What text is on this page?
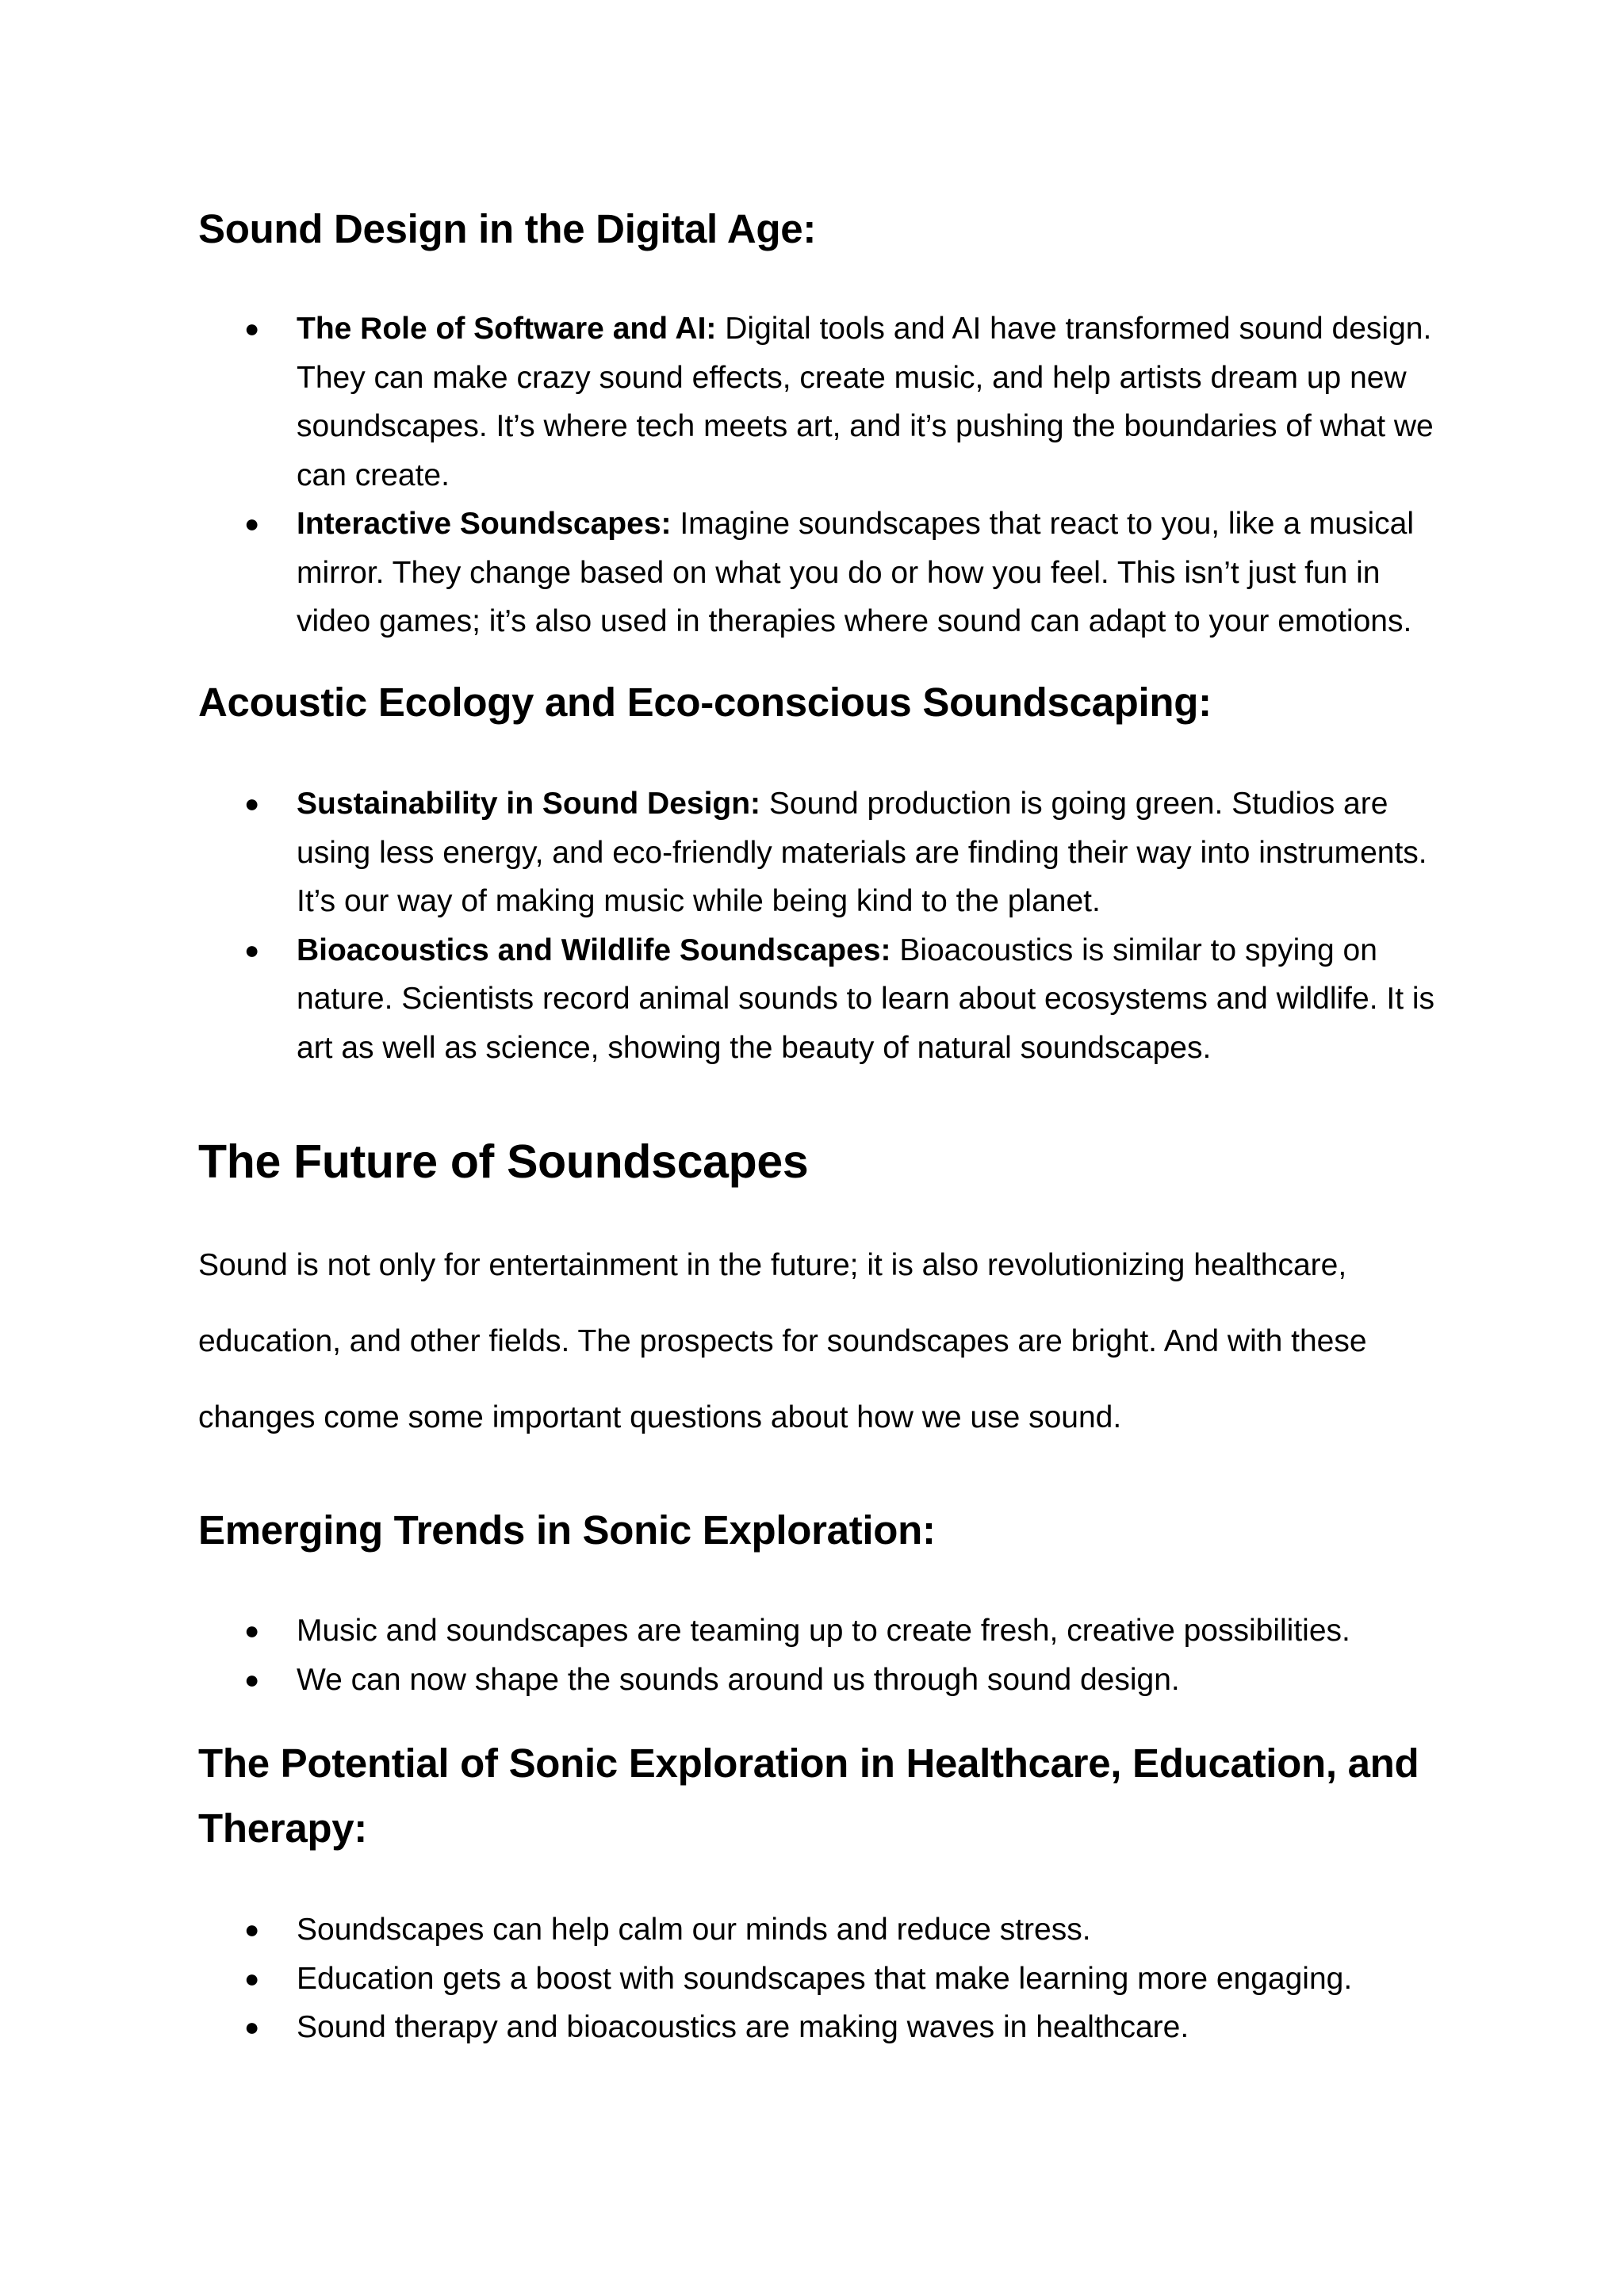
Sound Design in the Digital Age:
● The Role of Software and AI: Digital tools and AI have transformed sound design. They can make crazy sound effects, create music, and help artists dream up new soundscapes. It’s where tech meets art, and it’s pushing the boundaries of what we can create.
● Interactive Soundscapes: Imagine soundscapes that react to you, like a musical mirror. They change based on what you do or how you feel. This isn’t just fun in video games; it’s also used in therapies where sound can adapt to your emotions.
Acoustic Ecology and Eco-conscious Soundscaping:
● Sustainability in Sound Design: Sound production is going green. Studios are using less energy, and eco-friendly materials are finding their way into instruments. It’s our way of making music while being kind to the planet.
● Bioacoustics and Wildlife Soundscapes: Bioacoustics is similar to spying on nature. Scientists record animal sounds to learn about ecosystems and wildlife. It is art as well as science, showing the beauty of natural soundscapes.
The Future of Soundscapes

Sound is not only for entertainment in the future; it is also revolutionizing healthcare, education, and other fields. The prospects for soundscapes are bright. And with these changes come some important questions about how we use sound.

Emerging Trends in Sonic Exploration:
● Music and soundscapes are teaming up to create fresh, creative possibilities.
● We can now shape the sounds around us through sound design.
The Potential of Sonic Exploration in Healthcare, Education, and
Therapy:
● Soundscapes can help calm our minds and reduce stress.
● Education gets a boost with soundscapes that make learning more engaging.
● Sound therapy and bioacoustics are making waves in healthcare.
